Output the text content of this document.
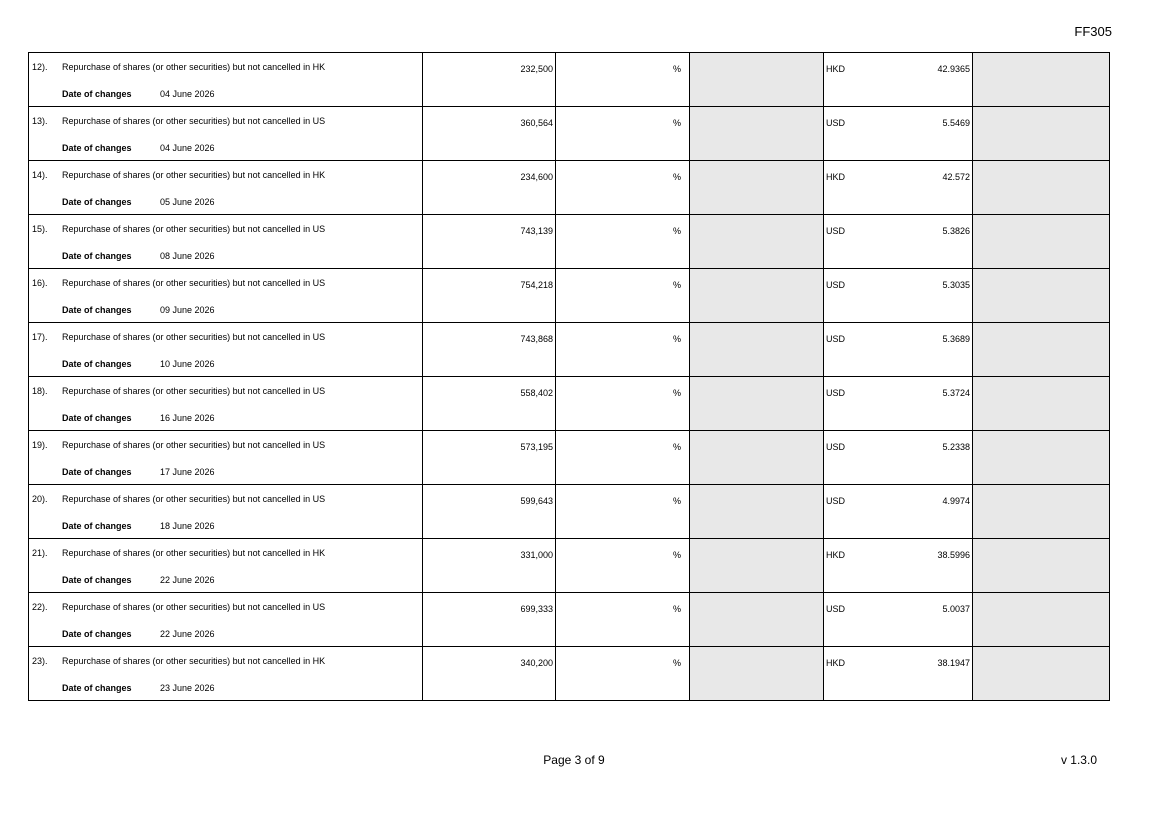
FF305
12). Repurchase of shares (or other securities) but not cancelled in HK
Date of changes 04 June 2026	232,500	%		HKD 42.9365	

13). Repurchase of shares (or other securities) but not cancelled in US
Date of changes 04 June 2026	360,564	%		USD 5.5469	

14). Repurchase of shares (or other securities) but not cancelled in HK
Date of changes 05 June 2026	234,600	%		HKD 42.572	

15). Repurchase of shares (or other securities) but not cancelled in US
Date of changes 08 June 2026	743,139	%		USD 5.3826	

16). Repurchase of shares (or other securities) but not cancelled in US
Date of changes 09 June 2026	754,218	%		USD 5.3035	

17). Repurchase of shares (or other securities) but not cancelled in US
Date of changes 10 June 2026	743,868	%		USD 5.3689	

18). Repurchase of shares (or other securities) but not cancelled in US
Date of changes 16 June 2026	558,402	%		USD 5.3724	

19). Repurchase of shares (or other securities) but not cancelled in US
Date of changes 17 June 2026	573,195	%		USD 5.2338	

20). Repurchase of shares (or other securities) but not cancelled in US
Date of changes 18 June 2026	599,643	%		USD 4.9974	

21). Repurchase of shares (or other securities) but not cancelled in HK
Date of changes 22 June 2026	331,000	%		HKD 38.5996	

22). Repurchase of shares (or other securities) but not cancelled in US
Date of changes 22 June 2026	699,333	%		USD 5.0037	

23). Repurchase of shares (or other securities) but not cancelled in HK
Date of changes 23 June 2026	340,200	%		HKD 38.1947	

Page 3 of 9	v 1.3.0
